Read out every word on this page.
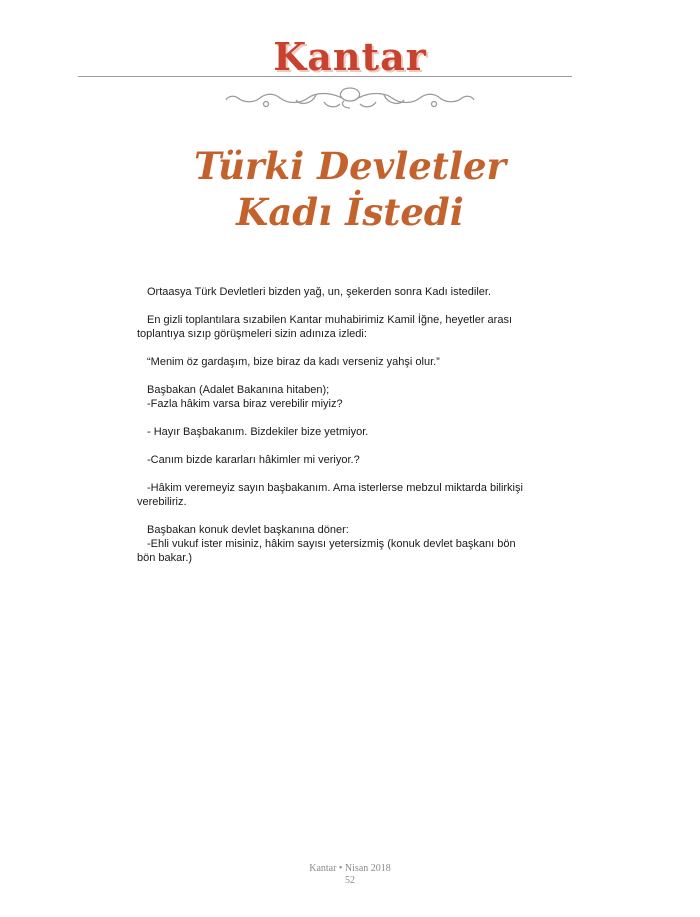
Kantar
Türki Devletler
Kadı İstedi

Ortaasya Türk Devletleri bizden yağ, un, şekerden sonra Kadı istediler.

En gizli toplantılara sızabilen Kantar muhabirimiz Kamil İğne, heyetler arası toplantıya sızıp görüşmeleri sizin adınıza izledi:

“Menim öz gardaşım, bize biraz da kadı verseniz yahşi olur.”

Başbakan (Adalet Bakanına hitaben);
-Fazla hâkim varsa biraz verebilir miyiz?

- Hayır Başbakanım. Bizdekiler bize yetmiyor.

-Canım bizde kararları hâkimler mi veriyor.?

-Hâkim veremeyiz sayın başbakanım. Ama isterlerse mebzul miktarda bilirkişi verebiliriz.

Başbakan konuk devlet başkanına döner:
-Ehli vukuf ister misiniz, hâkim sayısı yetersizmiş (konuk devlet başkanı bön bön bakar.)

Kantar • Nisan 2018
52
